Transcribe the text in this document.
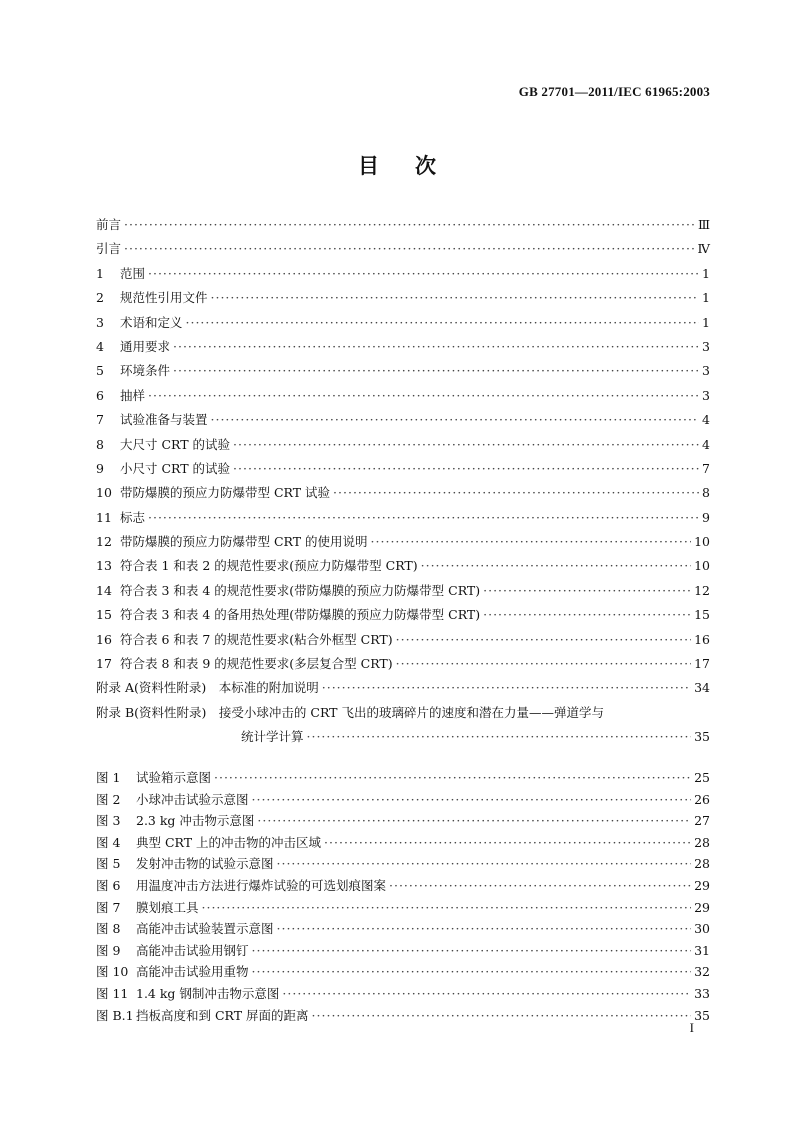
GB 27701—2011/IEC 61965:2003
目 次
前言 ·····	Ⅲ
引言 ·····	Ⅳ
1 范围 ·····	1
2 规范性引用文件 ·····	1
3 术语和定义 ·····	1
4 通用要求 ·····	3
5 环境条件 ·····	3
6 抽样 ·····	3
7 试验准备与装置 ·····	4
8 大尺寸 CRT 的试验 ·····	4
9 小尺寸 CRT 的试验 ·····	7
10 带防爆膜的预应力防爆带型 CRT 试验 ·····	8
11 标志 ·····	9
12 带防爆膜的预应力防爆带型 CRT 的使用说明 ·····	10
13 符合表 1 和表 2 的规范性要求(预应力防爆带型 CRT) ·····	10
14 符合表 3 和表 4 的规范性要求(带防爆膜的预应力防爆带型 CRT) ·····	12
15 符合表 3 和表 4 的备用热处理(带防爆膜的预应力防爆带型 CRT) ·····	15
16 符合表 6 和表 7 的规范性要求(粘合外框型 CRT) ·····	16
17 符合表 8 和表 9 的规范性要求(多层复合型 CRT) ·····	17
附录 A(资料性附录)　本标准的附加说明 ·····	34
附录 B(资料性附录)　接受小球冲击的 CRT 飞出的玻璃碎片的速度和潜在力量——弹道学与
统计学计算 ·····	35
图 1 试验箱示意图 ·····	25
图 2 小球冲击试验示意图 ·····	26
图 3 2.3 kg 冲击物示意图 ·····	27
图 4 典型 CRT 上的冲击物的冲击区域 ·····	28
图 5 发射冲击物的试验示意图 ·····	28
图 6 用温度冲击方法进行爆炸试验的可选划痕图案 ·····	29
图 7 膜划痕工具 ·····	29
图 8 高能冲击试验装置示意图 ·····	30
图 9 高能冲击试验用钢钉 ·····	31
图 10 高能冲击试验用重物 ·····	32
图 11 1.4 kg 钢制冲击物示意图 ·····	33
图 B.1 挡板高度和到 CRT 屏面的距离 ·····	35
I
